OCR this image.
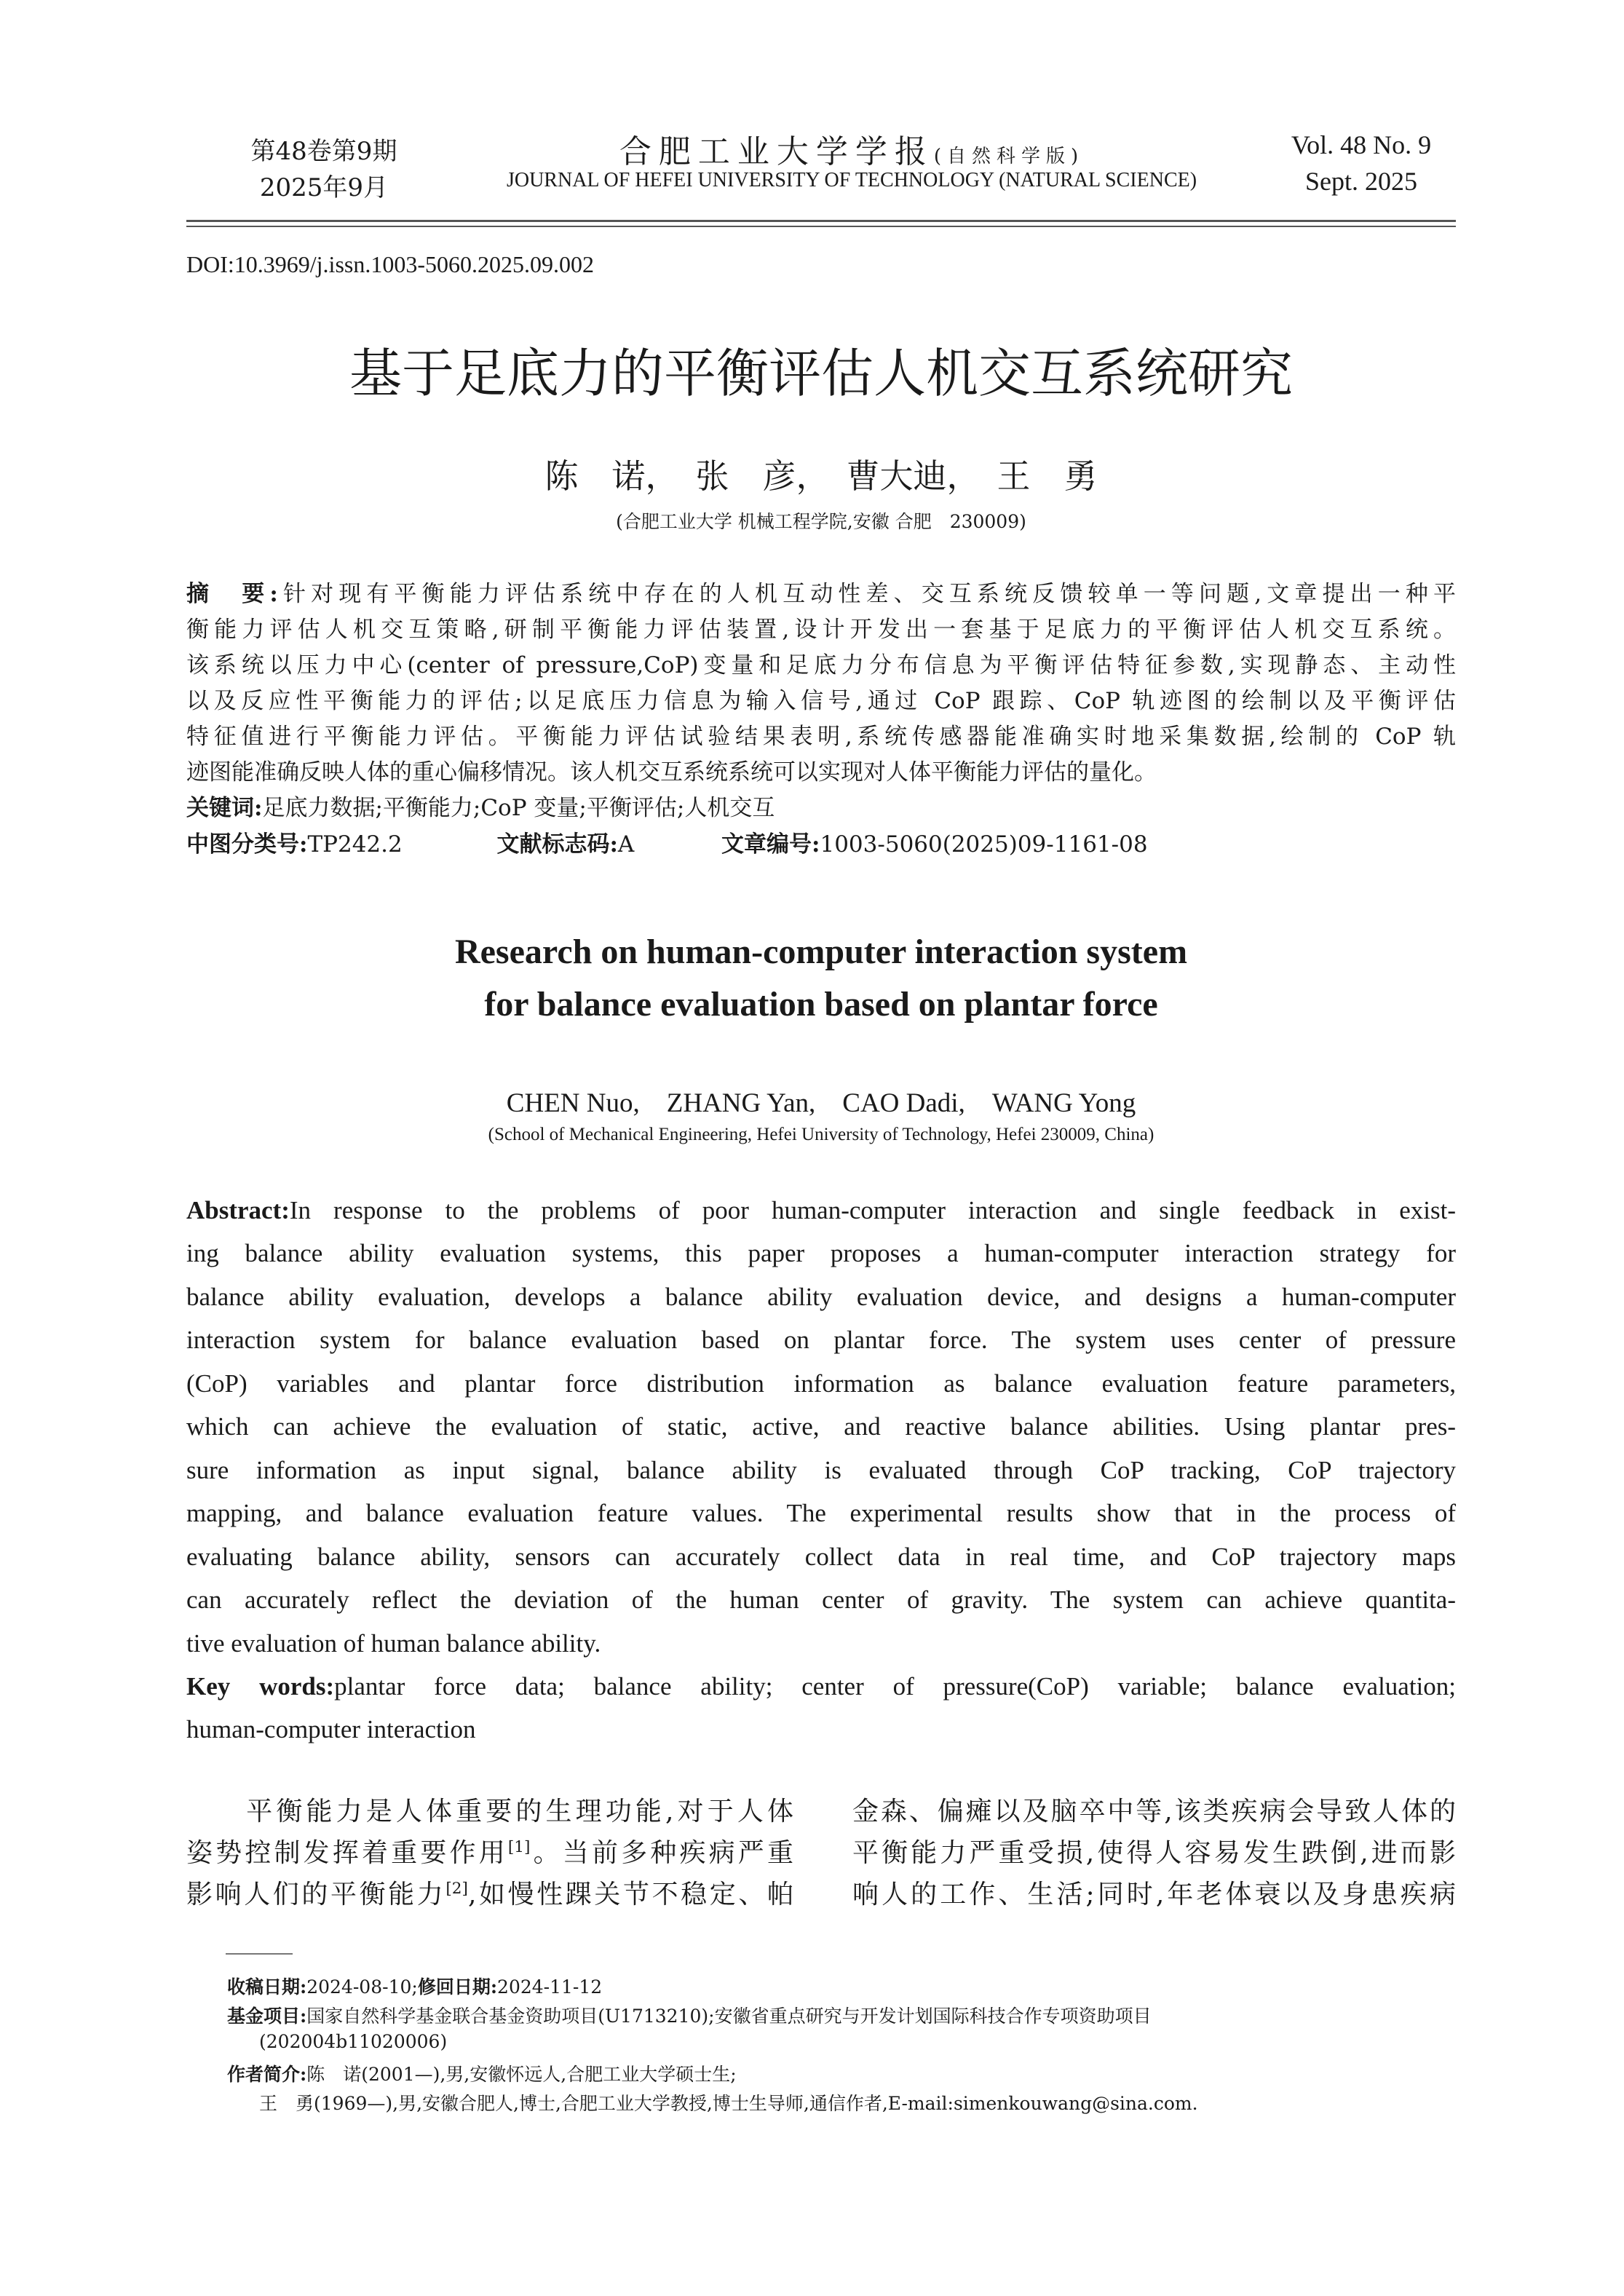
第48卷第9期
2025年9月
合肥工业大学学报(自然科学版)
JOURNAL OF HEFEI UNIVERSITY OF TECHNOLOGY (NATURAL SCIENCE)
Vol. 48 No. 9
Sept. 2025
DOI:10.3969/j.issn.1003-5060.2025.09.002
基于足底力的平衡评估人机交互系统研究
陈　诺，　张　彦，　曹大迪，　王　勇
(合肥工业大学 机械工程学院,安徽 合肥　230009)
摘　要:针对现有平衡能力评估系统中存在的人机互动性差、交互系统反馈较单一等问题,文章提出一种平
衡能力评估人机交互策略,研制平衡能力评估装置,设计开发出一套基于足底力的平衡评估人机交互系统。
该系统以压力中心(center of pressure,CoP)变量和足底力分布信息为平衡评估特征参数,实现静态、主动性
以及反应性平衡能力的评估;以足底压力信息为输入信号,通过 CoP 跟踪、CoP 轨迹图的绘制以及平衡评估
特征值进行平衡能力评估。平衡能力评估试验结果表明,系统传感器能准确实时地采集数据,绘制的 CoP 轨
迹图能准确反映人体的重心偏移情况。该人机交互系统系统可以实现对人体平衡能力评估的量化。
关键词:足底力数据;平衡能力;CoP 变量;平衡评估;人机交互
中图分类号:TP242.2	文献标志码:A	文章编号:1003-5060(2025)09-1161-08
Research on human-computer interaction system
for balance evaluation based on plantar force
CHEN Nuo,　ZHANG Yan,　CAO Dadi,　WANG Yong
(School of Mechanical Engineering, Hefei University of Technology, Hefei 230009, China)
Abstract:In response to the problems of poor human-computer interaction and single feedback in exist-
ing balance ability evaluation systems, this paper proposes a human-computer interaction strategy for
balance ability evaluation, develops a balance ability evaluation device, and designs a human-computer
interaction system for balance evaluation based on plantar force. The system uses center of pressure
(CoP) variables and plantar force distribution information as balance evaluation feature parameters,
which can achieve the evaluation of static, active, and reactive balance abilities. Using plantar pres-
sure information as input signal, balance ability is evaluated through CoP tracking, CoP trajectory
mapping, and balance evaluation feature values. The experimental results show that in the process of
evaluating balance ability, sensors can accurately collect data in real time, and CoP trajectory maps
can accurately reflect the deviation of the human center of gravity. The system can achieve quantita-
tive evaluation of human balance ability.
Key words:plantar force data; balance ability; center of pressure(CoP) variable; balance evaluation;
human-computer interaction
　　平衡能力是人体重要的生理功能,对于人体
姿势控制发挥着重要作用[1]。当前多种疾病严重
影响人们的平衡能力[2],如慢性踝关节不稳定、帕
金森、偏瘫以及脑卒中等,该类疾病会导致人体的
平衡能力严重受损,使得人容易发生跌倒,进而影
响人的工作、生活;同时,年老体衰以及身患疾病
收稿日期:2024-08-10;修回日期:2024-11-12
基金项目:国家自然科学基金联合基金资助项目(U1713210);安徽省重点研究与开发计划国际科技合作专项资助项目
(202004b11020006)
作者简介:陈　诺(2001—),男,安徽怀远人,合肥工业大学硕士生;
王　勇(1969—),男,安徽合肥人,博士,合肥工业大学教授,博士生导师,通信作者,E-mail:simenkouwang@sina.com.
